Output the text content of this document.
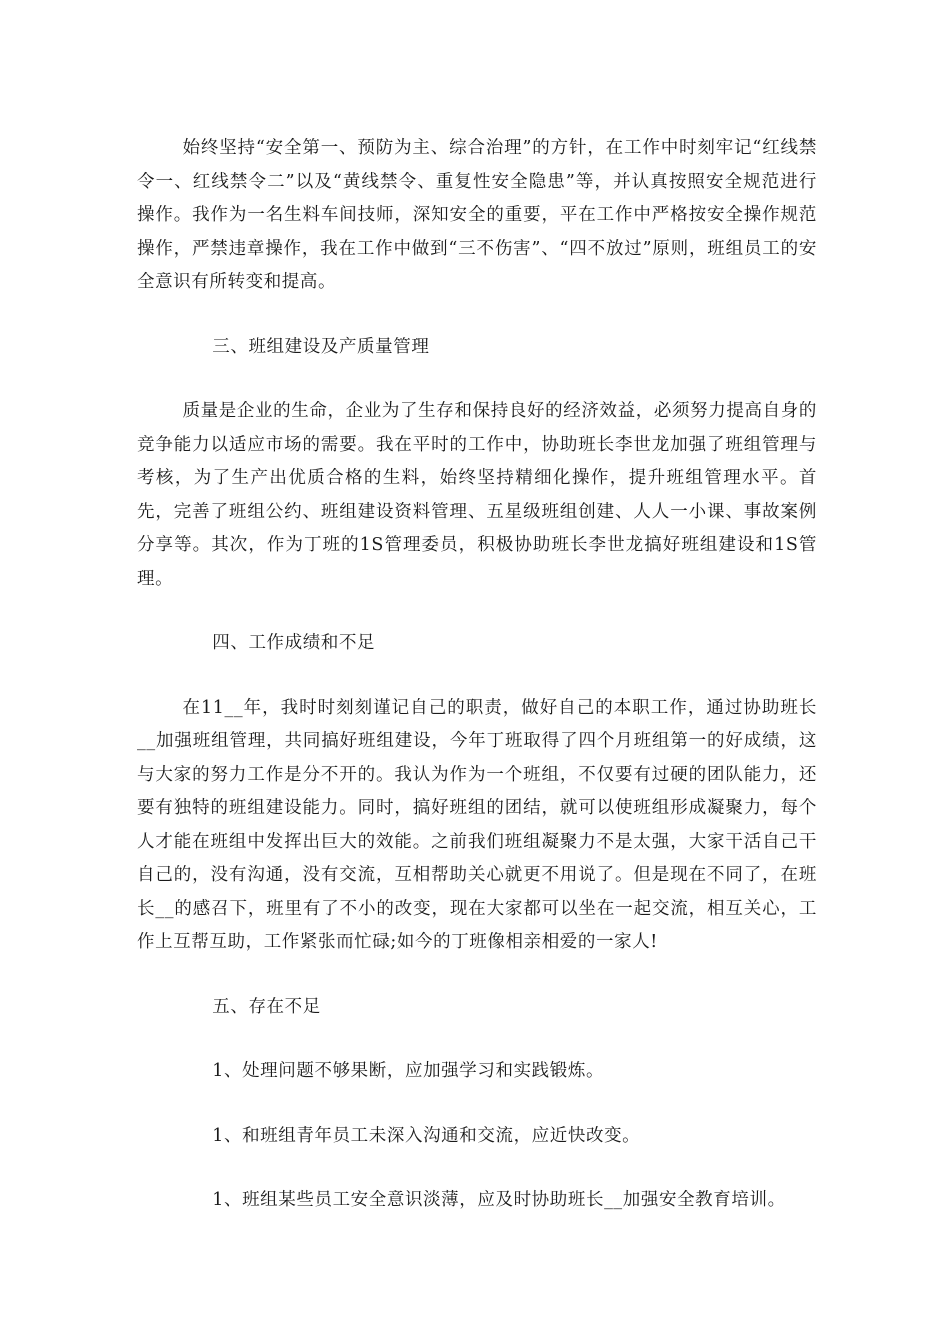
始终坚持“安全第一、预防为主、综合治理”的方针，在工作中时刻牢记“红线禁令一、红线禁令二”以及“黄线禁令、重复性安全隐患”等，并认真按照安全规范进行操作。我作为一名生料车间技师，深知安全的重要，平在工作中严格按安全操作规范操作，严禁违章操作，我在工作中做到“三不伤害”、“四不放过”原则，班组员工的安全意识有所转变和提高。

三、班组建设及产质量管理

质量是企业的生命，企业为了生存和保持良好的经济效益，必须努力提高自身的竞争能力以适应市场的需要。我在平时的工作中，协助班长李世龙加强了班组管理与考核，为了生产出优质合格的生料，始终坚持精细化操作，提升班组管理水平。首先，完善了班组公约、班组建设资料管理、五星级班组创建、人人一小课、事故案例分享等。其次，作为丁班的1S管理委员，积极协助班长李世龙搞好班组建设和1S管理。

四、工作成绩和不足

在11__年，我时时刻刻谨记自己的职责，做好自己的本职工作，通过协助班长__加强班组管理，共同搞好班组建设，今年丁班取得了四个月班组第一的好成绩，这与大家的努力工作是分不开的。我认为作为一个班组，不仅要有过硬的团队能力，还要有独特的班组建设能力。同时，搞好班组的团结，就可以使班组形成凝聚力，每个人才能在班组中发挥出巨大的效能。之前我们班组凝聚力不是太强，大家干活自己干自己的，没有沟通，没有交流，互相帮助关心就更不用说了。但是现在不同了，在班长__的感召下，班里有了不小的改变，现在大家都可以坐在一起交流，相互关心，工作上互帮互助，工作紧张而忙碌;如今的丁班像相亲相爱的一家人!

五、存在不足

1、处理问题不够果断，应加强学习和实践锻炼。

1、和班组青年员工未深入沟通和交流，应近快改变。

1、班组某些员工安全意识淡薄，应及时协助班长__加强安全教育培训。
